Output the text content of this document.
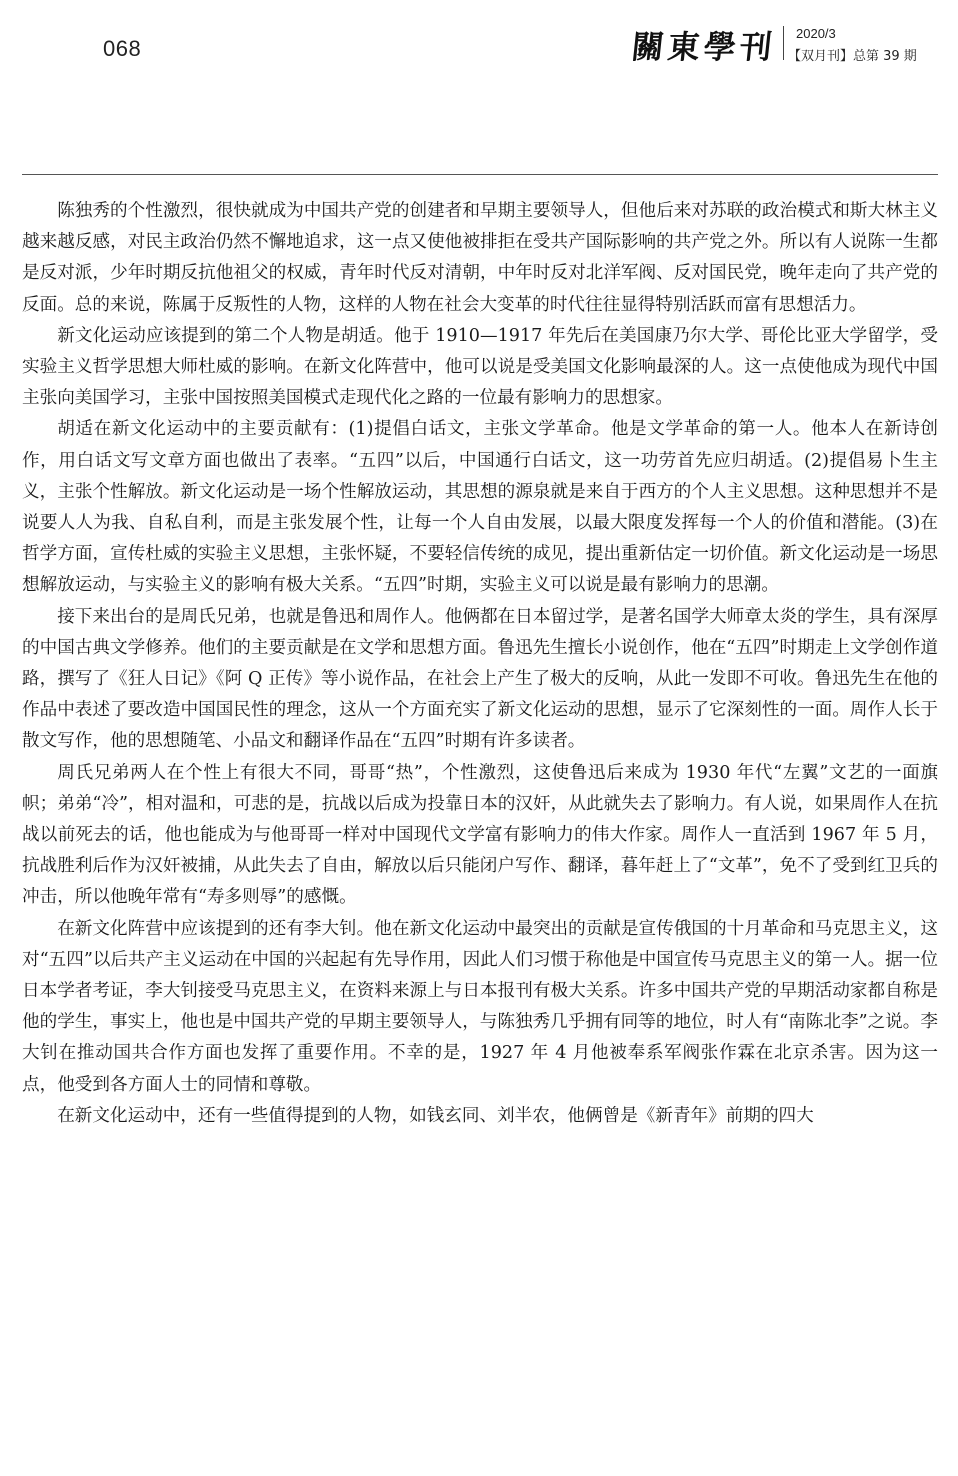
068	關東學刊 2020/3
【双月刊】总第 39 期

陈独秀的个性激烈，很快就成为中国共产党的创建者和早期主要领导人，但他后来对苏联的政治模式和斯大林主义越来越反感，对民主政治仍然不懈地追求，这一点又使他被排拒在受共产国际影响的共产党之外。所以有人说陈一生都是反对派，少年时期反抗他祖父的权威，青年时代反对清朝，中年时反对北洋军阀、反对国民党，晚年走向了共产党的反面。总的来说，陈属于反叛性的人物，这样的人物在社会大变革的时代往往显得特别活跃而富有思想活力。

新文化运动应该提到的第二个人物是胡适。他于 1910—1917 年先后在美国康乃尔大学、哥伦比亚大学留学，受实验主义哲学思想大师杜威的影响。在新文化阵营中，他可以说是受美国文化影响最深的人。这一点使他成为现代中国主张向美国学习，主张中国按照美国模式走现代化之路的一位最有影响力的思想家。

胡适在新文化运动中的主要贡献有：(1)提倡白话文，主张文学革命。他是文学革命的第一人。他本人在新诗创作，用白话文写文章方面也做出了表率。“五四”以后，中国通行白话文，这一功劳首先应归胡适。(2)提倡易卜生主义，主张个性解放。新文化运动是一场个性解放运动，其思想的源泉就是来自于西方的个人主义思想。这种思想并不是说要人人为我、自私自利，而是主张发展个性，让每一个人自由发展，以最大限度发挥每一个人的价值和潜能。(3)在哲学方面，宣传杜威的实验主义思想，主张怀疑，不要轻信传统的成见，提出重新估定一切价值。新文化运动是一场思想解放运动，与实验主义的影响有极大关系。“五四”时期，实验主义可以说是最有影响力的思潮。

接下来出台的是周氏兄弟，也就是鲁迅和周作人。他俩都在日本留过学，是著名国学大师章太炎的学生，具有深厚的中国古典文学修养。他们的主要贡献是在文学和思想方面。鲁迅先生擅长小说创作，他在“五四”时期走上文学创作道路，撰写了《狂人日记》《阿 Q 正传》等小说作品，在社会上产生了极大的反响，从此一发即不可收。鲁迅先生在他的作品中表述了要改造中国国民性的理念，这从一个方面充实了新文化运动的思想，显示了它深刻性的一面。周作人长于散文写作，他的思想随笔、小品文和翻译作品在“五四”时期有许多读者。

周氏兄弟两人在个性上有很大不同，哥哥“热”，个性激烈，这使鲁迅后来成为 1930 年代“左翼”文艺的一面旗帜；弟弟“冷”，相对温和，可悲的是，抗战以后成为投靠日本的汉奸，从此就失去了影响力。有人说，如果周作人在抗战以前死去的话，他也能成为与他哥哥一样对中国现代文学富有影响力的伟大作家。周作人一直活到 1967 年 5 月，抗战胜利后作为汉奸被捕，从此失去了自由，解放以后只能闭户写作、翻译，暮年赶上了“文革”，免不了受到红卫兵的冲击，所以他晚年常有“寿多则辱”的感慨。

在新文化阵营中应该提到的还有李大钊。他在新文化运动中最突出的贡献是宣传俄国的十月革命和马克思主义，这对“五四”以后共产主义运动在中国的兴起起有先导作用，因此人们习惯于称他是中国宣传马克思主义的第一人。据一位日本学者考证，李大钊接受马克思主义，在资料来源上与日本报刊有极大关系。许多中国共产党的早期活动家都自称是他的学生，事实上，他也是中国共产党的早期主要领导人，与陈独秀几乎拥有同等的地位，时人有“南陈北李”之说。李大钊在推动国共合作方面也发挥了重要作用。不幸的是，1927 年 4 月他被奉系军阀张作霖在北京杀害。因为这一点，他受到各方面人士的同情和尊敬。

在新文化运动中，还有一些值得提到的人物，如钱玄同、刘半农，他俩曾是《新青年》前期的四大
